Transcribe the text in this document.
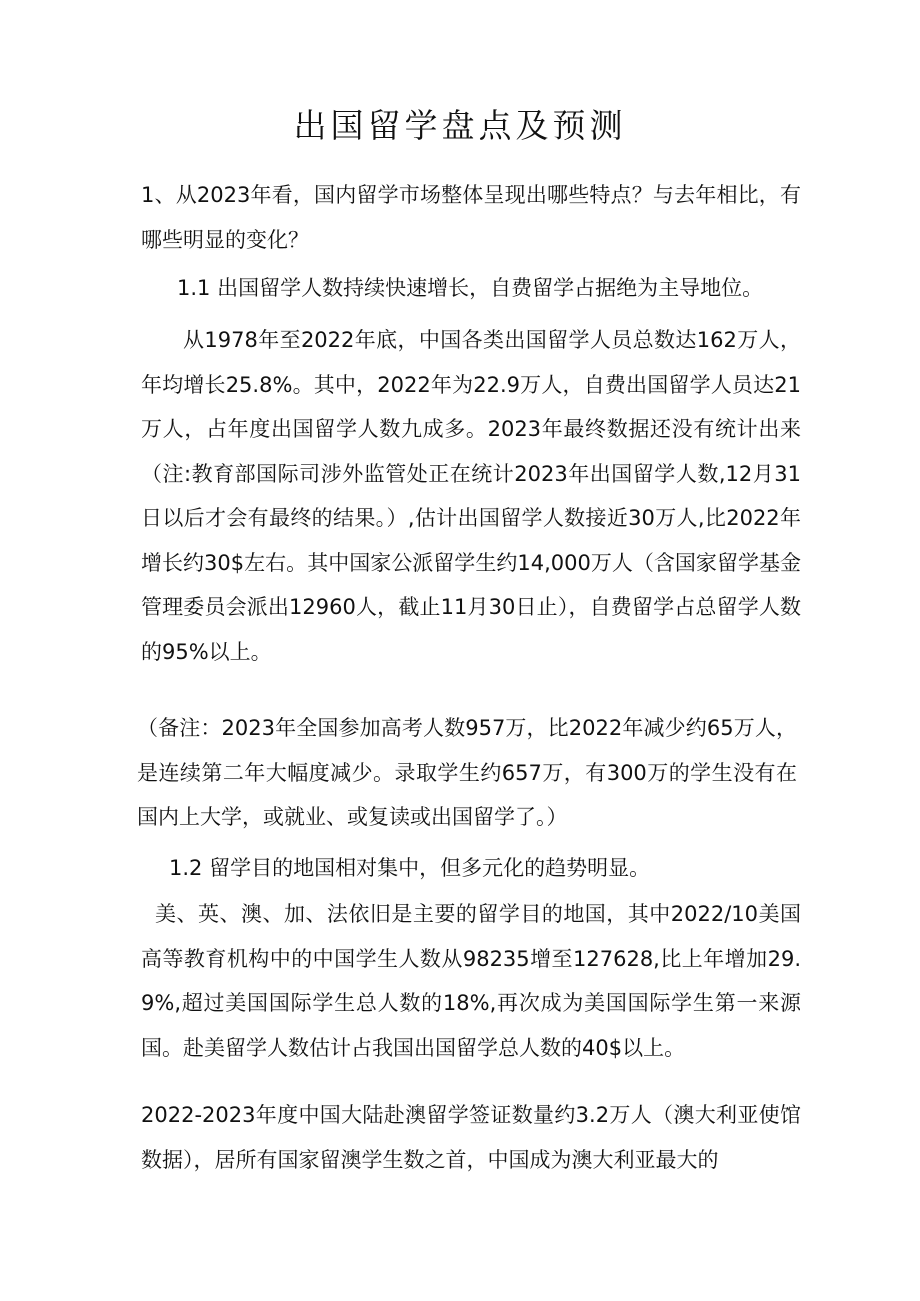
出国留学盘点及预测

1、从2023年看，国内留学市场整体呈现出哪些特点？与去年相比，有哪些明显的变化？

1.1 出国留学人数持续快速增长，自费留学占据绝为主导地位。

从1978年至2022年底，中国各类出国留学人员总数达162万人，年均增长25.8%。其中，2022年为22.9万人，自费出国留学人员达21万人，占年度出国留学人数九成多。2023年最终数据还没有统计出来（注:教育部国际司涉外监管处正在统计2023年出国留学人数,12月31日以后才会有最终的结果。）,估计出国留学人数接近30万人,比2022年增长约30$左右。其中国家公派留学生约14,000万人（含国家留学基金管理委员会派出12960人，截止11月30日止），自费留学占总留学人数的95%以上。

（备注：2023年全国参加高考人数957万，比2022年减少约65万人，是连续第二年大幅度减少。录取学生约657万，有300万的学生没有在国内上大学，或就业、或复读或出国留学了。）

1.2 留学目的地国相对集中，但多元化的趋势明显。

美、英、澳、加、法依旧是主要的留学目的地国，其中2022/10美国高等教育机构中的中国学生人数从98235增至127628,比上年增加29.9%,超过美国国际学生总人数的18%,再次成为美国国际学生第一来源国。赴美留学人数估计占我国出国留学总人数的40$以上。

2022-2023年度中国大陆赴澳留学签证数量约3.2万人（澳大利亚使馆数据），居所有国家留澳学生数之首，中国成为澳大利亚最大的
